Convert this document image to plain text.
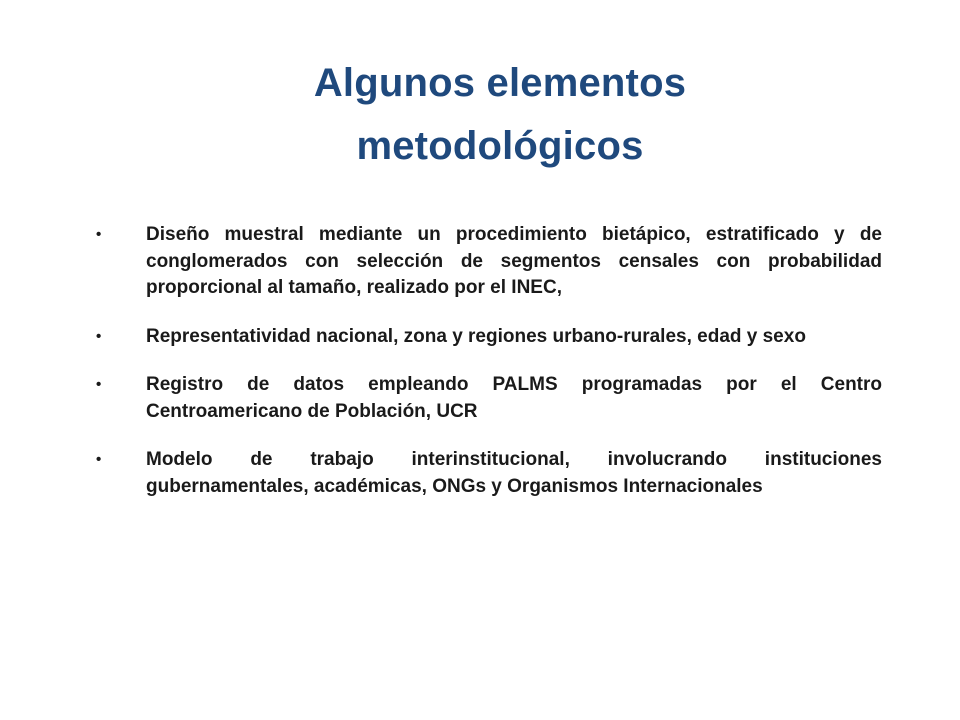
Algunos elementos
metodológicos
• Diseño muestral mediante un procedimiento bietápico, estratificado y de conglomerados con selección de segmentos censales con probabilidad proporcional al tamaño, realizado por el INEC,
• Representatividad nacional, zona y regiones urbano-rurales, edad y sexo
• Registro de datos empleando PALMS programadas por el Centro Centroamericano de Población, UCR
• Modelo de trabajo interinstitucional, involucrando instituciones gubernamentales, académicas, ONGs y Organismos Internacionales
